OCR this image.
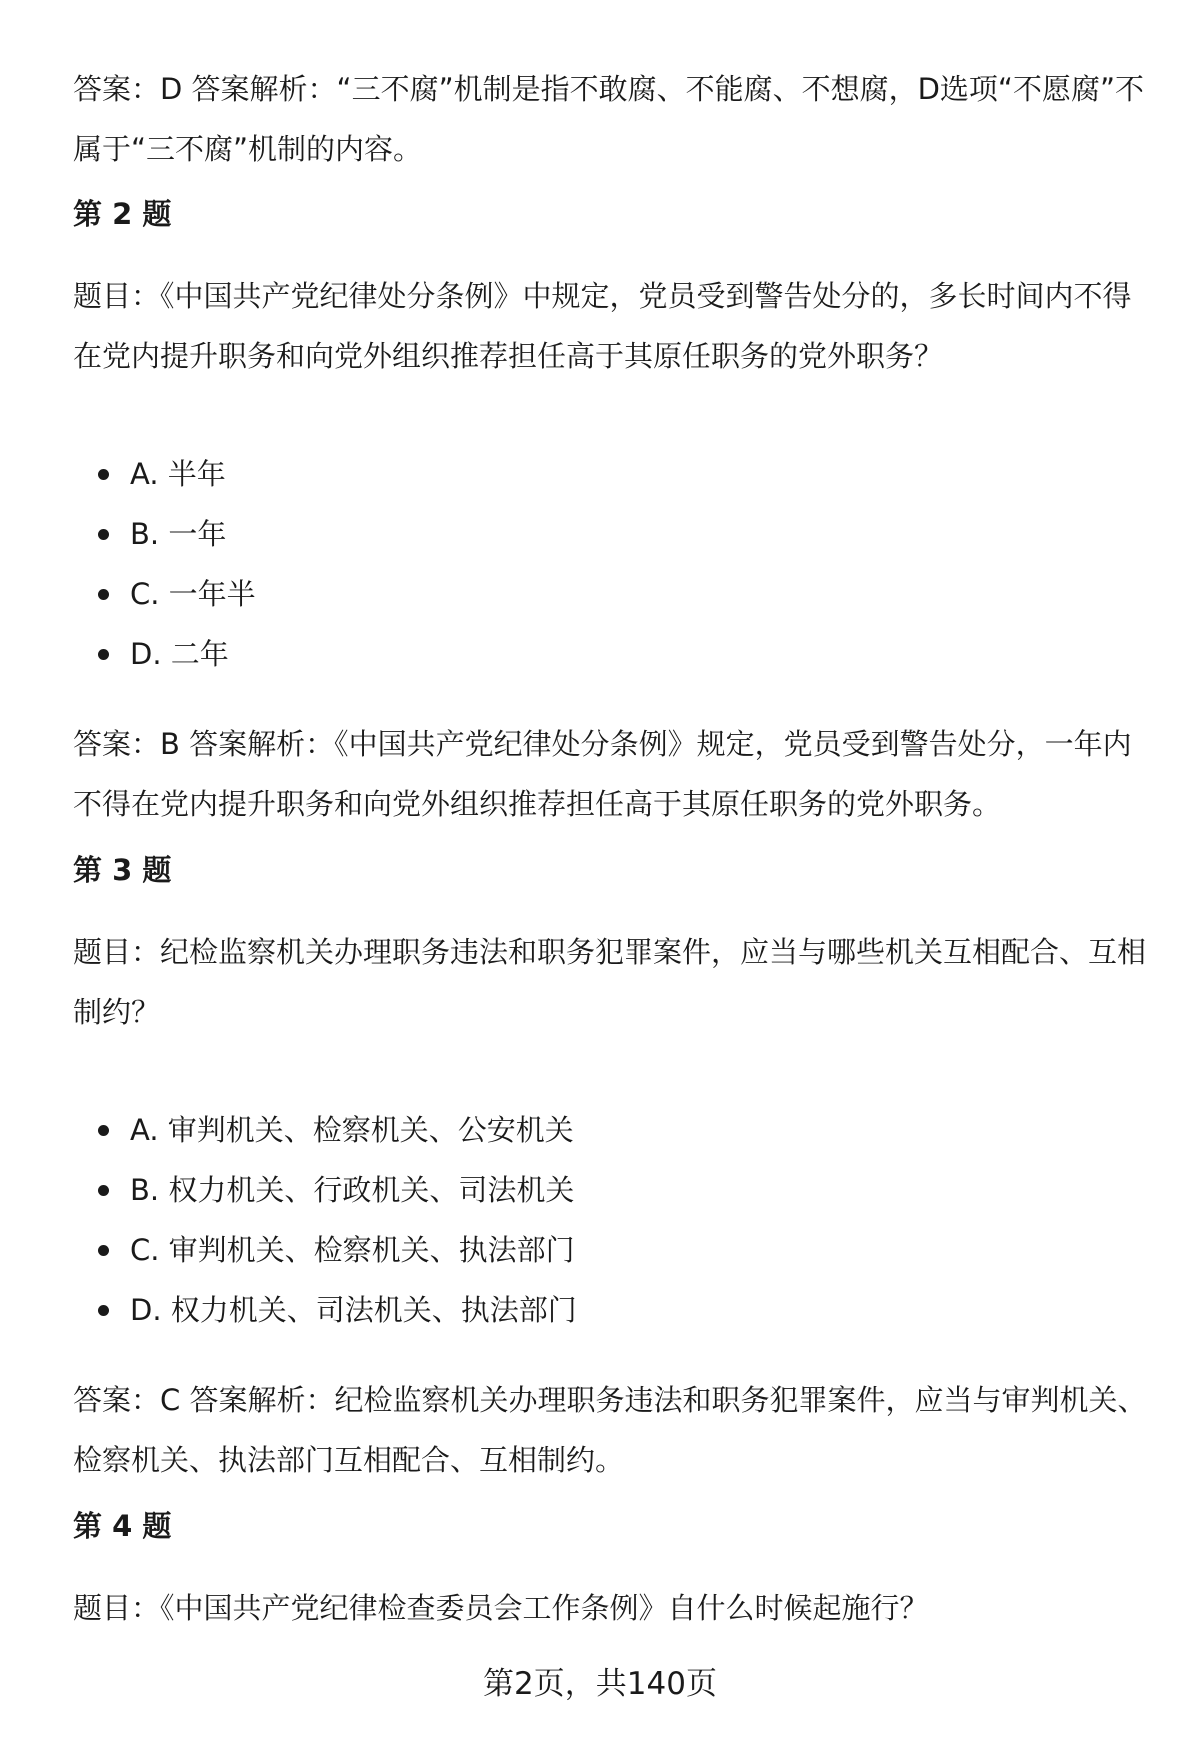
答案：D 答案解析：“三不腐”机制是指不敢腐、不能腐、不想腐，D选项“不愿腐”不属于“三不腐”机制的内容。

第 2 题

题目：《中国共产党纪律处分条例》中规定，党员受到警告处分的，多长时间内不得在党内提升职务和向党外组织推荐担任高于其原任职务的党外职务？

A. 半年
B. 一年
C. 一年半
D. 二年

答案：B 答案解析：《中国共产党纪律处分条例》规定，党员受到警告处分，一年内不得在党内提升职务和向党外组织推荐担任高于其原任职务的党外职务。

第 3 题

题目：纪检监察机关办理职务违法和职务犯罪案件，应当与哪些机关互相配合、互相制约？

A. 审判机关、检察机关、公安机关
B. 权力机关、行政机关、司法机关
C. 审判机关、检察机关、执法部门
D. 权力机关、司法机关、执法部门

答案：C 答案解析：纪检监察机关办理职务违法和职务犯罪案件，应当与审判机关、检察机关、执法部门互相配合、互相制约。

第 4 题

题目：《中国共产党纪律检查委员会工作条例》自什么时候起施行？

第2页，共140页
